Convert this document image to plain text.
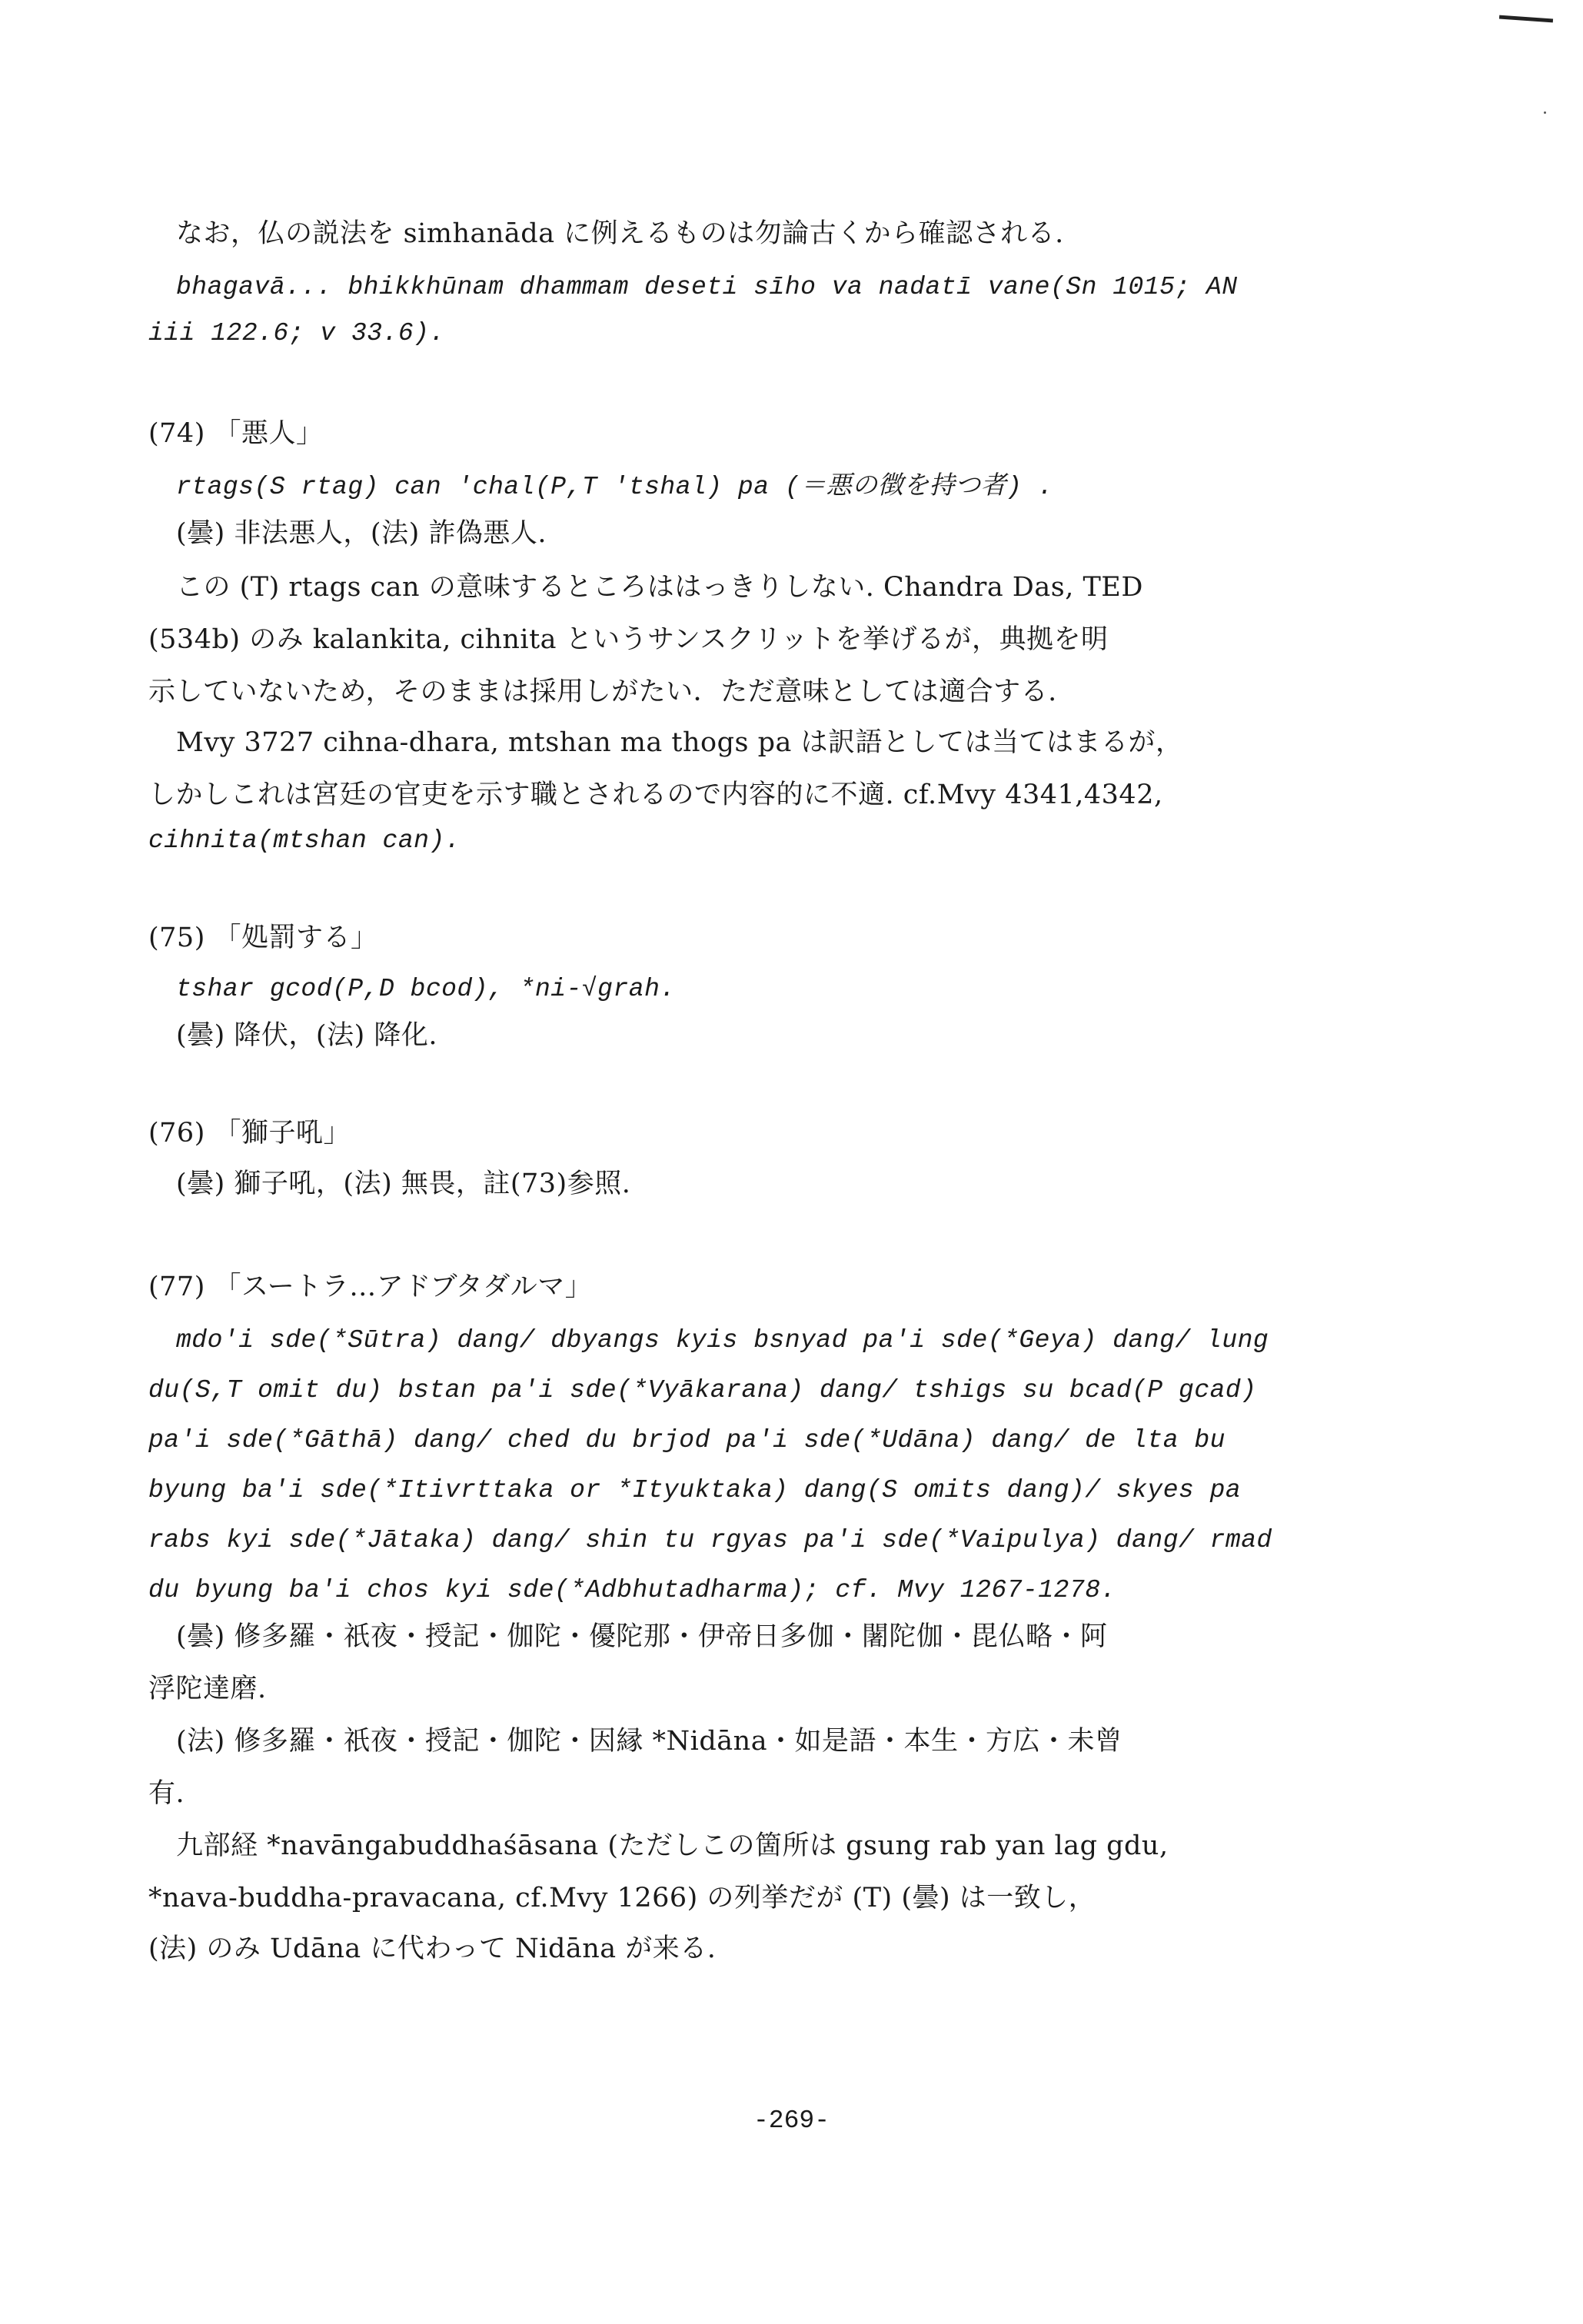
なお，仏の説法を simhanāda に例えるものは勿論古くから確認される.
bhagavā... bhikkhūnam dhammam deseti sīho va nadatī vane(Sn 1015; AN
iii 122.6; v 33.6).
(74) 「悪人」
rtags(S rtag) can 'chal(P,T 'tshal) pa (＝悪の徴を持つ者) .
(曇) 非法悪人，(法) 詐偽悪人.
この (T) rtags can の意味するところははっきりしない. Chandra Das, TED
(534b) のみ kalankita, cihnita というサンスクリットを挙げるが，典拠を明
示していないため，そのままは採用しがたい．ただ意味としては適合する.
Mvy 3727 cihna-dhara, mtshan ma thogs pa は訳語としては当てはまるが，
しかしこれは宮廷の官吏を示す職とされるので内容的に不適. cf.Mvy 4341,4342,
cihnita(mtshan can).
(75) 「処罰する」
tshar gcod(P,D bcod), *ni-√grah.
(曇) 降伏，(法) 降化.
(76) 「獅子吼」
(曇) 獅子吼，(法) 無畏，註(73)参照.
(77) 「スートラ…アドブタダルマ」
mdo'i sde(*Sūtra) dang/ dbyangs kyis bsnyad pa'i sde(*Geya) dang/ lung
du(S,T omit du) bstan pa'i sde(*Vyākarana) dang/ tshigs su bcad(P gcad)
pa'i sde(*Gāthā) dang/ ched du brjod pa'i sde(*Udāna) dang/ de lta bu
byung ba'i sde(*Itivrttaka or *Ityuktaka) dang(S omits dang)/ skyes pa
rabs kyi sde(*Jātaka) dang/ shin tu rgyas pa'i sde(*Vaipulya) dang/ rmad
du byung ba'i chos kyi sde(*Adbhutadharma); cf. Mvy 1267-1278.
(曇) 修多羅・祇夜・授記・伽陀・優陀那・伊帝日多伽・闍陀伽・毘仏略・阿
浮陀達磨.
(法) 修多羅・祇夜・授記・伽陀・因縁 *Nidāna・如是語・本生・方広・未曾
有.
九部経 *navāngabuddhaśāsana (ただしこの箇所は gsung rab yan lag gdu,
*nava-buddha-pravacana, cf.Mvy 1266) の列挙だが (T) (曇) は一致し，
(法) のみ Udāna に代わって Nidāna が来る.
-269-
